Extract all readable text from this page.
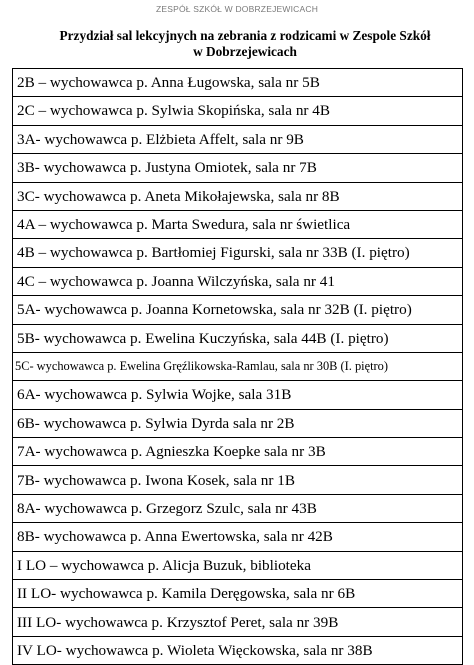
ZESPÓŁ SZKÓŁ W DOBRZEJEWICACH
Przydział sal lekcyjnych na zebrania z rodzicami w Zespole Szkół
w Dobrzejewicach
2B – wychowawca p. Anna Ługowska, sala nr 5B
2C – wychowawca p. Sylwia Skopińska, sala nr 4B
3A- wychowawca p. Elżbieta Affelt, sala nr 9B
3B- wychowawca p. Justyna Omiotek, sala nr 7B
3C- wychowawca p. Aneta Mikołajewska, sala nr 8B
4A – wychowawca p. Marta Swedura, sala nr świetlica
4B – wychowawca p. Bartłomiej Figurski, sala nr 33B (I. piętro)
4C – wychowawca p. Joanna Wilczyńska, sala nr 41
5A- wychowawca p. Joanna Kornetowska, sala nr 32B (I. piętro)
5B- wychowawca p. Ewelina Kuczyńska, sala 44B (I. piętro)
5C- wychowawca p. Ewelina Gręźlikowska-Ramlau, sala nr 30B (I. piętro)
6A- wychowawca p. Sylwia Wojke, sala 31B
6B- wychowawca p. Sylwia Dyrda sala nr 2B
7A- wychowawca p. Agnieszka Koepke sala nr 3B
7B- wychowawca p. Iwona Kosek, sala nr 1B
8A- wychowawca p. Grzegorz Szulc, sala nr 43B
8B- wychowawca p. Anna Ewertowska, sala nr 42B
I LO – wychowawca p. Alicja Buzuk, biblioteka
II LO- wychowawca p. Kamila Deręgowska, sala nr 6B
III LO- wychowawca p. Krzysztof Peret, sala nr 39B
IV LO- wychowawca p. Wioleta Więckowska, sala nr 38B
